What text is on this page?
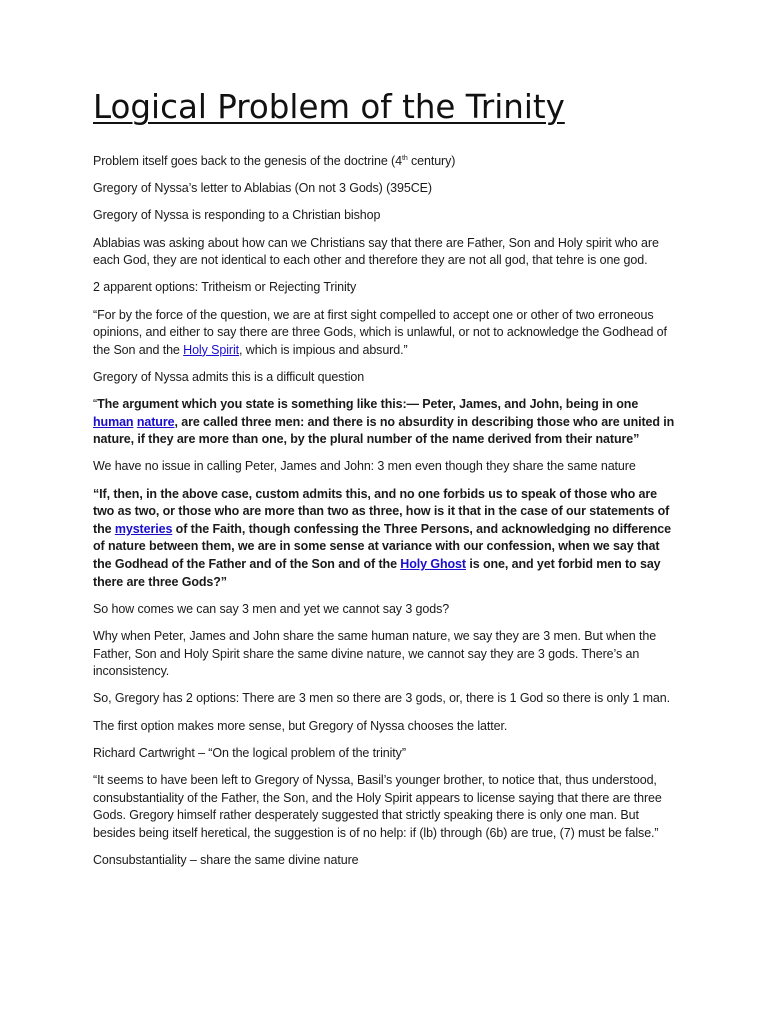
Logical Problem of the Trinity

Problem itself goes back to the genesis of the doctrine (4th century)

Gregory of Nyssa’s letter to Ablabias (On not 3 Gods) (395CE)

Gregory of Nyssa is responding to a Christian bishop

Ablabias was asking about how can we Christians say that there are Father, Son and Holy spirit who are each God, they are not identical to each other and therefore they are not all god, that tehre is one god.

2 apparent options: Tritheism or Rejecting Trinity

“For by the force of the question, we are at first sight compelled to accept one or other of two erroneous opinions, and either to say there are three Gods, which is unlawful, or not to acknowledge the Godhead of the Son and the Holy Spirit, which is impious and absurd.”

Gregory of Nyssa admits this is a difficult question

“The argument which you state is something like this:— Peter, James, and John, being in one human nature, are called three men: and there is no absurdity in describing those who are united in nature, if they are more than one, by the plural number of the name derived from their nature”

We have no issue in calling Peter, James and John: 3 men even though they share the same nature

“If, then, in the above case, custom admits this, and no one forbids us to speak of those who are two as two, or those who are more than two as three, how is it that in the case of our statements of the mysteries of the Faith, though confessing the Three Persons, and acknowledging no difference of nature between them, we are in some sense at variance with our confession, when we say that the Godhead of the Father and of the Son and of the Holy Ghost is one, and yet forbid men to say there are three Gods?”

So how comes we can say 3 men and yet we cannot say 3 gods?

Why when Peter, James and John share the same human nature, we say they are 3 men. But when the Father, Son and Holy Spirit share the same divine nature, we cannot say they are 3 gods. There’s an inconsistency.

So, Gregory has 2 options: There are 3 men so there are 3 gods, or, there is 1 God so there is only 1 man.

The first option makes more sense, but Gregory of Nyssa chooses the latter.

Richard Cartwright – “On the logical problem of the trinity”

“It seems to have been left to Gregory of Nyssa, Basil’s younger brother, to notice that, thus understood, consubstantiality of the Father, the Son, and the Holy Spirit appears to license saying that there are three Gods. Gregory himself rather desperately suggested that strictly speaking there is only one man. But besides being itself heretical, the suggestion is of no help: if (lb) through (6b) are true, (7) must be false.”

Consubstantiality – share the same divine nature
